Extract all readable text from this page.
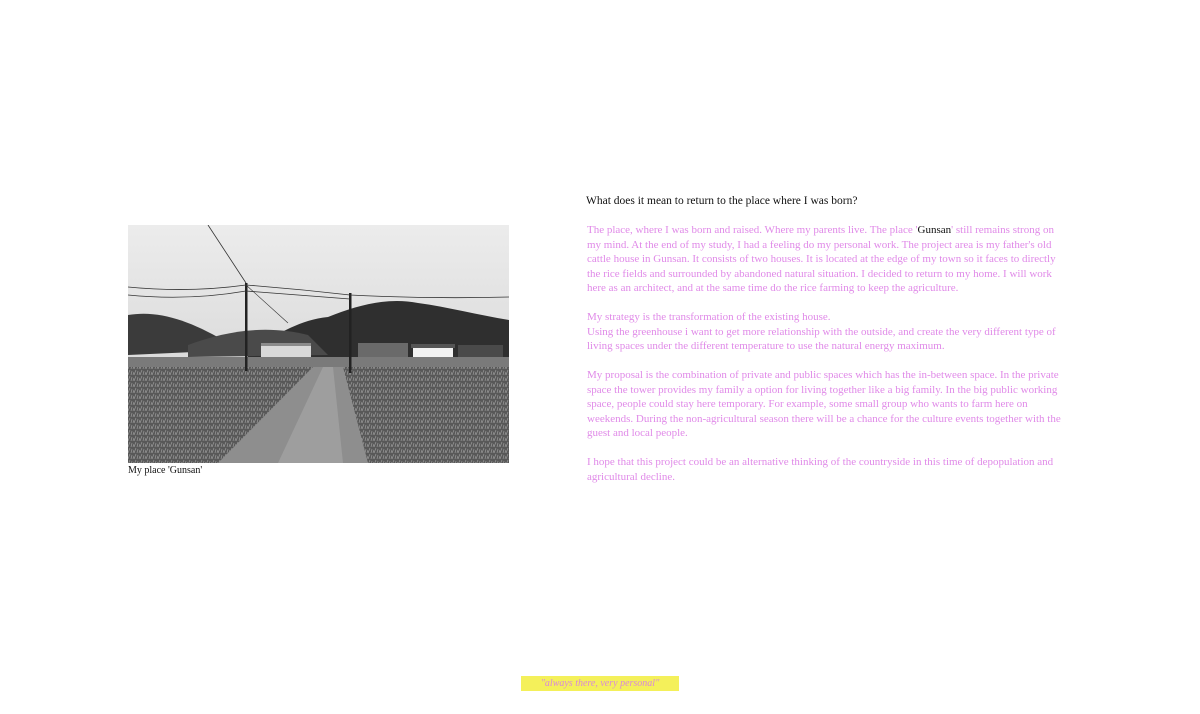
My place 'Gunsan'
What does it mean to return to the place where I was born?

The place, where I was born and raised. Where my parents live. The place 'Gunsan' still remains strong on my mind. At the end of my study, I had a feeling do my personal work. The project area is my father's old cattle house in Gunsan. It consists of two houses. It is located at the edge of my town so it faces to directly the rice fields and surrounded by abandoned natural situation. I decided to return to my home. I will work here as an architect, and at the same time do the rice farming to keep the agriculture.

My strategy is the transformation of the existing house.
Using the greenhouse i want to get more relationship with the outside, and create the very different type of living spaces under the different temperature to use the natural energy maximum.

My proposal is the combination of private and public spaces which has the in-between space. In the private space the tower provides my family a option for living together like a big family. In the big public working space, people could stay here temporary. For example, some small group who wants to farm here on weekends. During the non-agricultural season there will be a chance for the culture events together with the guest and local people.

I hope that this project could be an alternative thinking of the countryside in this time of depopulation and agricultural decline.

"always there, very personal"
